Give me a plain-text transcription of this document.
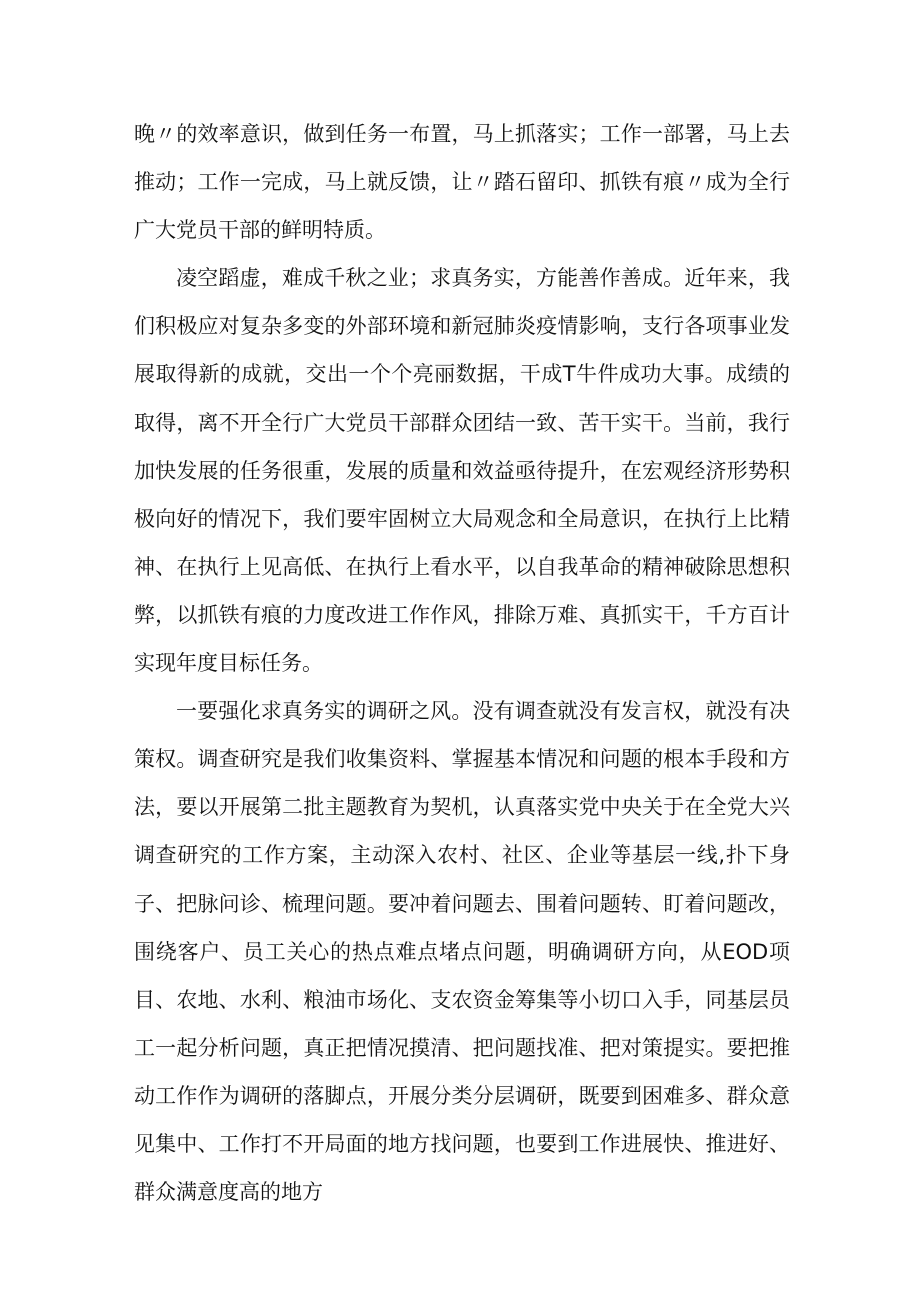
晚〃的效率意识，做到任务一布置，马上抓落实；工作一部署，马上去推动；工作一完成，马上就反馈，让〃踏石留印、抓铁有痕〃成为全行广大党员干部的鲜明特质。

凌空蹈虚，难成千秋之业；求真务实，方能善作善成。近年来，我们积极应对复杂多变的外部环境和新冠肺炎疫情影响，支行各项事业发展取得新的成就，交出一个个亮丽数据，干成T牛件成功大事。成绩的取得，离不开全行广大党员干部群众团结一致、苦干实干。当前，我行加快发展的任务很重，发展的质量和效益亟待提升，在宏观经济形势积极向好的情况下，我们要牢固树立大局观念和全局意识，在执行上比精神、在执行上见高低、在执行上看水平，以自我革命的精神破除思想积弊，以抓铁有痕的力度改进工作作风，排除万难、真抓实干，千方百计实现年度目标任务。

一要强化求真务实的调研之风。没有调查就没有发言权，就没有决策权。调查研究是我们收集资料、掌握基本情况和问题的根本手段和方法，要以开展第二批主题教育为契机，认真落实党中央关于在全党大兴调查研究的工作方案，主动深入农村、社区、企业等基层一线,扑下身子、把脉问诊、梳理问题。要冲着问题去、围着问题转、盯着问题改，围绕客户、员工关心的热点难点堵点问题，明确调研方向，从EOD项目、农地、水利、粮油市场化、支农资金筹集等小切口入手，同基层员工一起分析问题，真正把情况摸清、把问题找准、把对策提实。要把推动工作作为调研的落脚点，开展分类分层调研，既要到困难多、群众意见集中、工作打不开局面的地方找问题，也要到工作进展快、推进好、群众满意度高的地方
